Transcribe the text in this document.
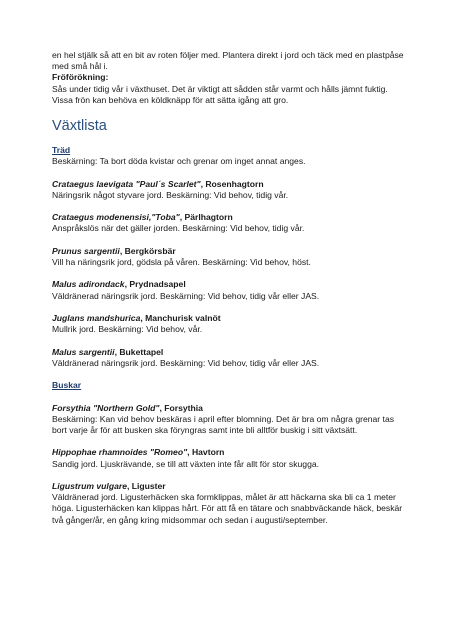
en hel stjälk så att en bit av roten följer med. Plantera direkt i jord och täck med en plastpåse

med små hål i.

Fröförökning:

Sås under tidig vår i växthuset. Det är viktigt att sådden står varmt och hålls jämnt fuktig.

Vissa frön kan behöva en köldknäpp för att sätta igång att gro.

Växtlista

Träd

Beskärning: Ta bort döda kvistar och grenar om inget annat anges.

Crataegus laevigata "Paul´s Scarlet", Rosenhagtorn

Näringsrik något styvare jord. Beskärning: Vid behov, tidig vår.

Crataegus modenensisi,"Toba", Pärlhagtorn

Anspråkslös när det gäller jorden. Beskärning: Vid behov, tidig vår.

Prunus sargentii, Bergkörsbär

Vill ha näringsrik jord, gödsla på våren. Beskärning: Vid behov, höst.

Malus adirondack, Prydnadsapel

Väldränerad näringsrik jord. Beskärning: Vid behov, tidig vår eller JAS.

Juglans mandshurica, Manchurisk valnöt

Mullrik jord. Beskärning: Vid behov, vår.

Malus sargentii, Bukettapel

Väldränerad näringsrik jord. Beskärning: Vid behov, tidig vår eller JAS.

Buskar

Forsythia "Northern Gold", Forsythia

Beskärning: Kan vid behov beskäras i april efter blomning. Det är bra om några grenar tas

bort varje år för att busken ska föryngras samt inte bli alltför buskig i sitt växtsätt.

Hippophae rhamnoides "Romeo", Havtorn

Sandig jord. Ljuskrävande, se till att växten inte får allt för stor skugga.

Ligustrum vulgare, Liguster

Väldränerad jord. Ligusterhäcken ska formklippas, målet är att häckarna ska bli ca 1 meter

höga. Ligusterhäcken kan klippas hårt. För att få en tätare och snabbväckande häck, beskär

två gånger/år, en gång kring midsommar och sedan i augusti/september.
